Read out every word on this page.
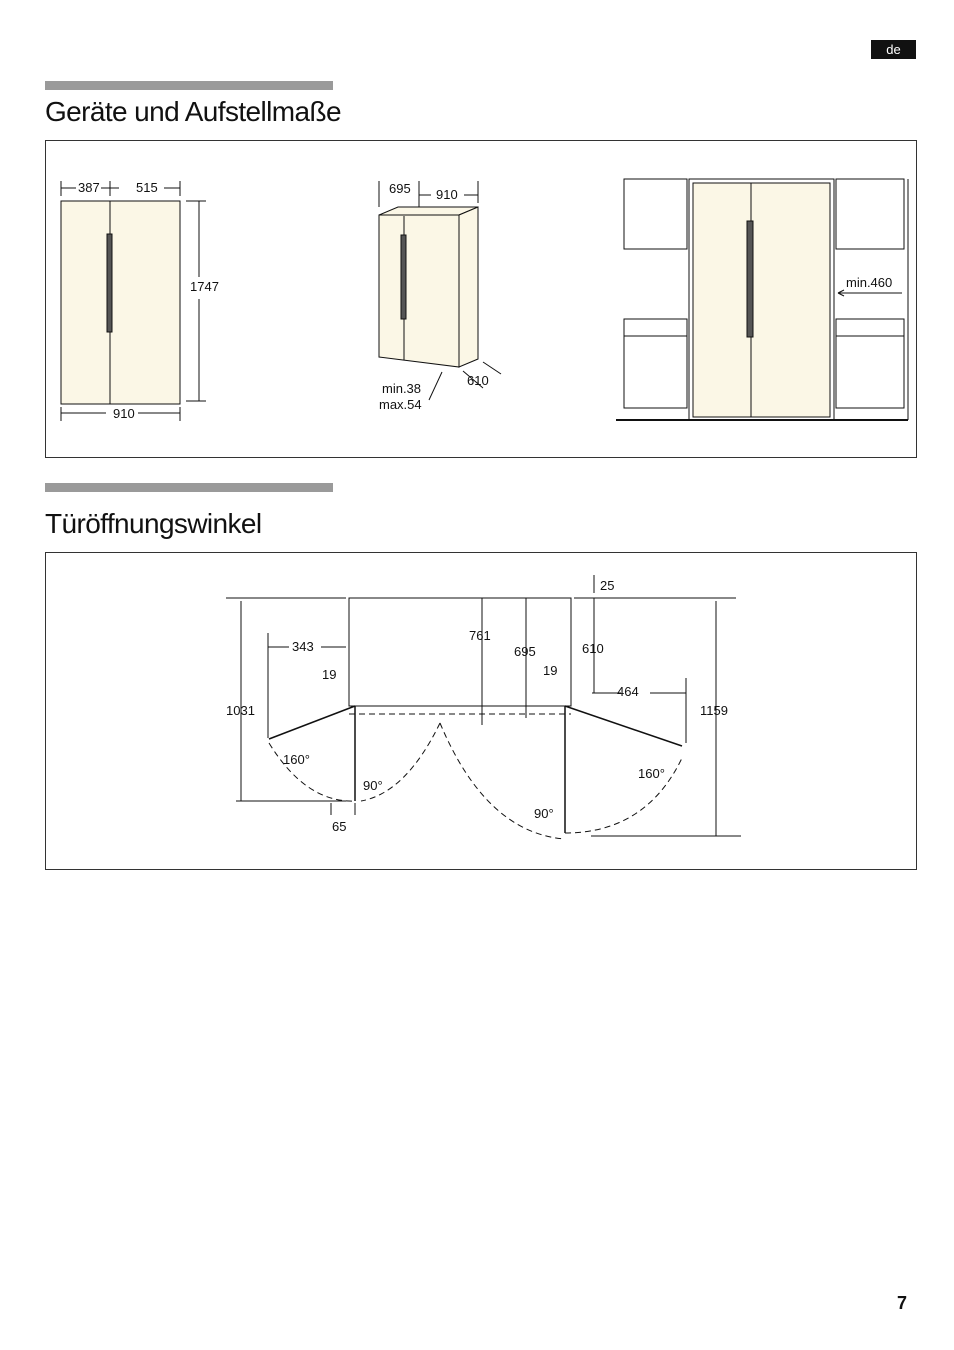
de
Geräte und Aufstellmaße
387	515
1747
910
695 910
610
min.38
max.54
min.460
Türöffnungswinkel
25
343
761
695	610
19	19
464
1031	1159
160°
90°
65
90°
160°
7
